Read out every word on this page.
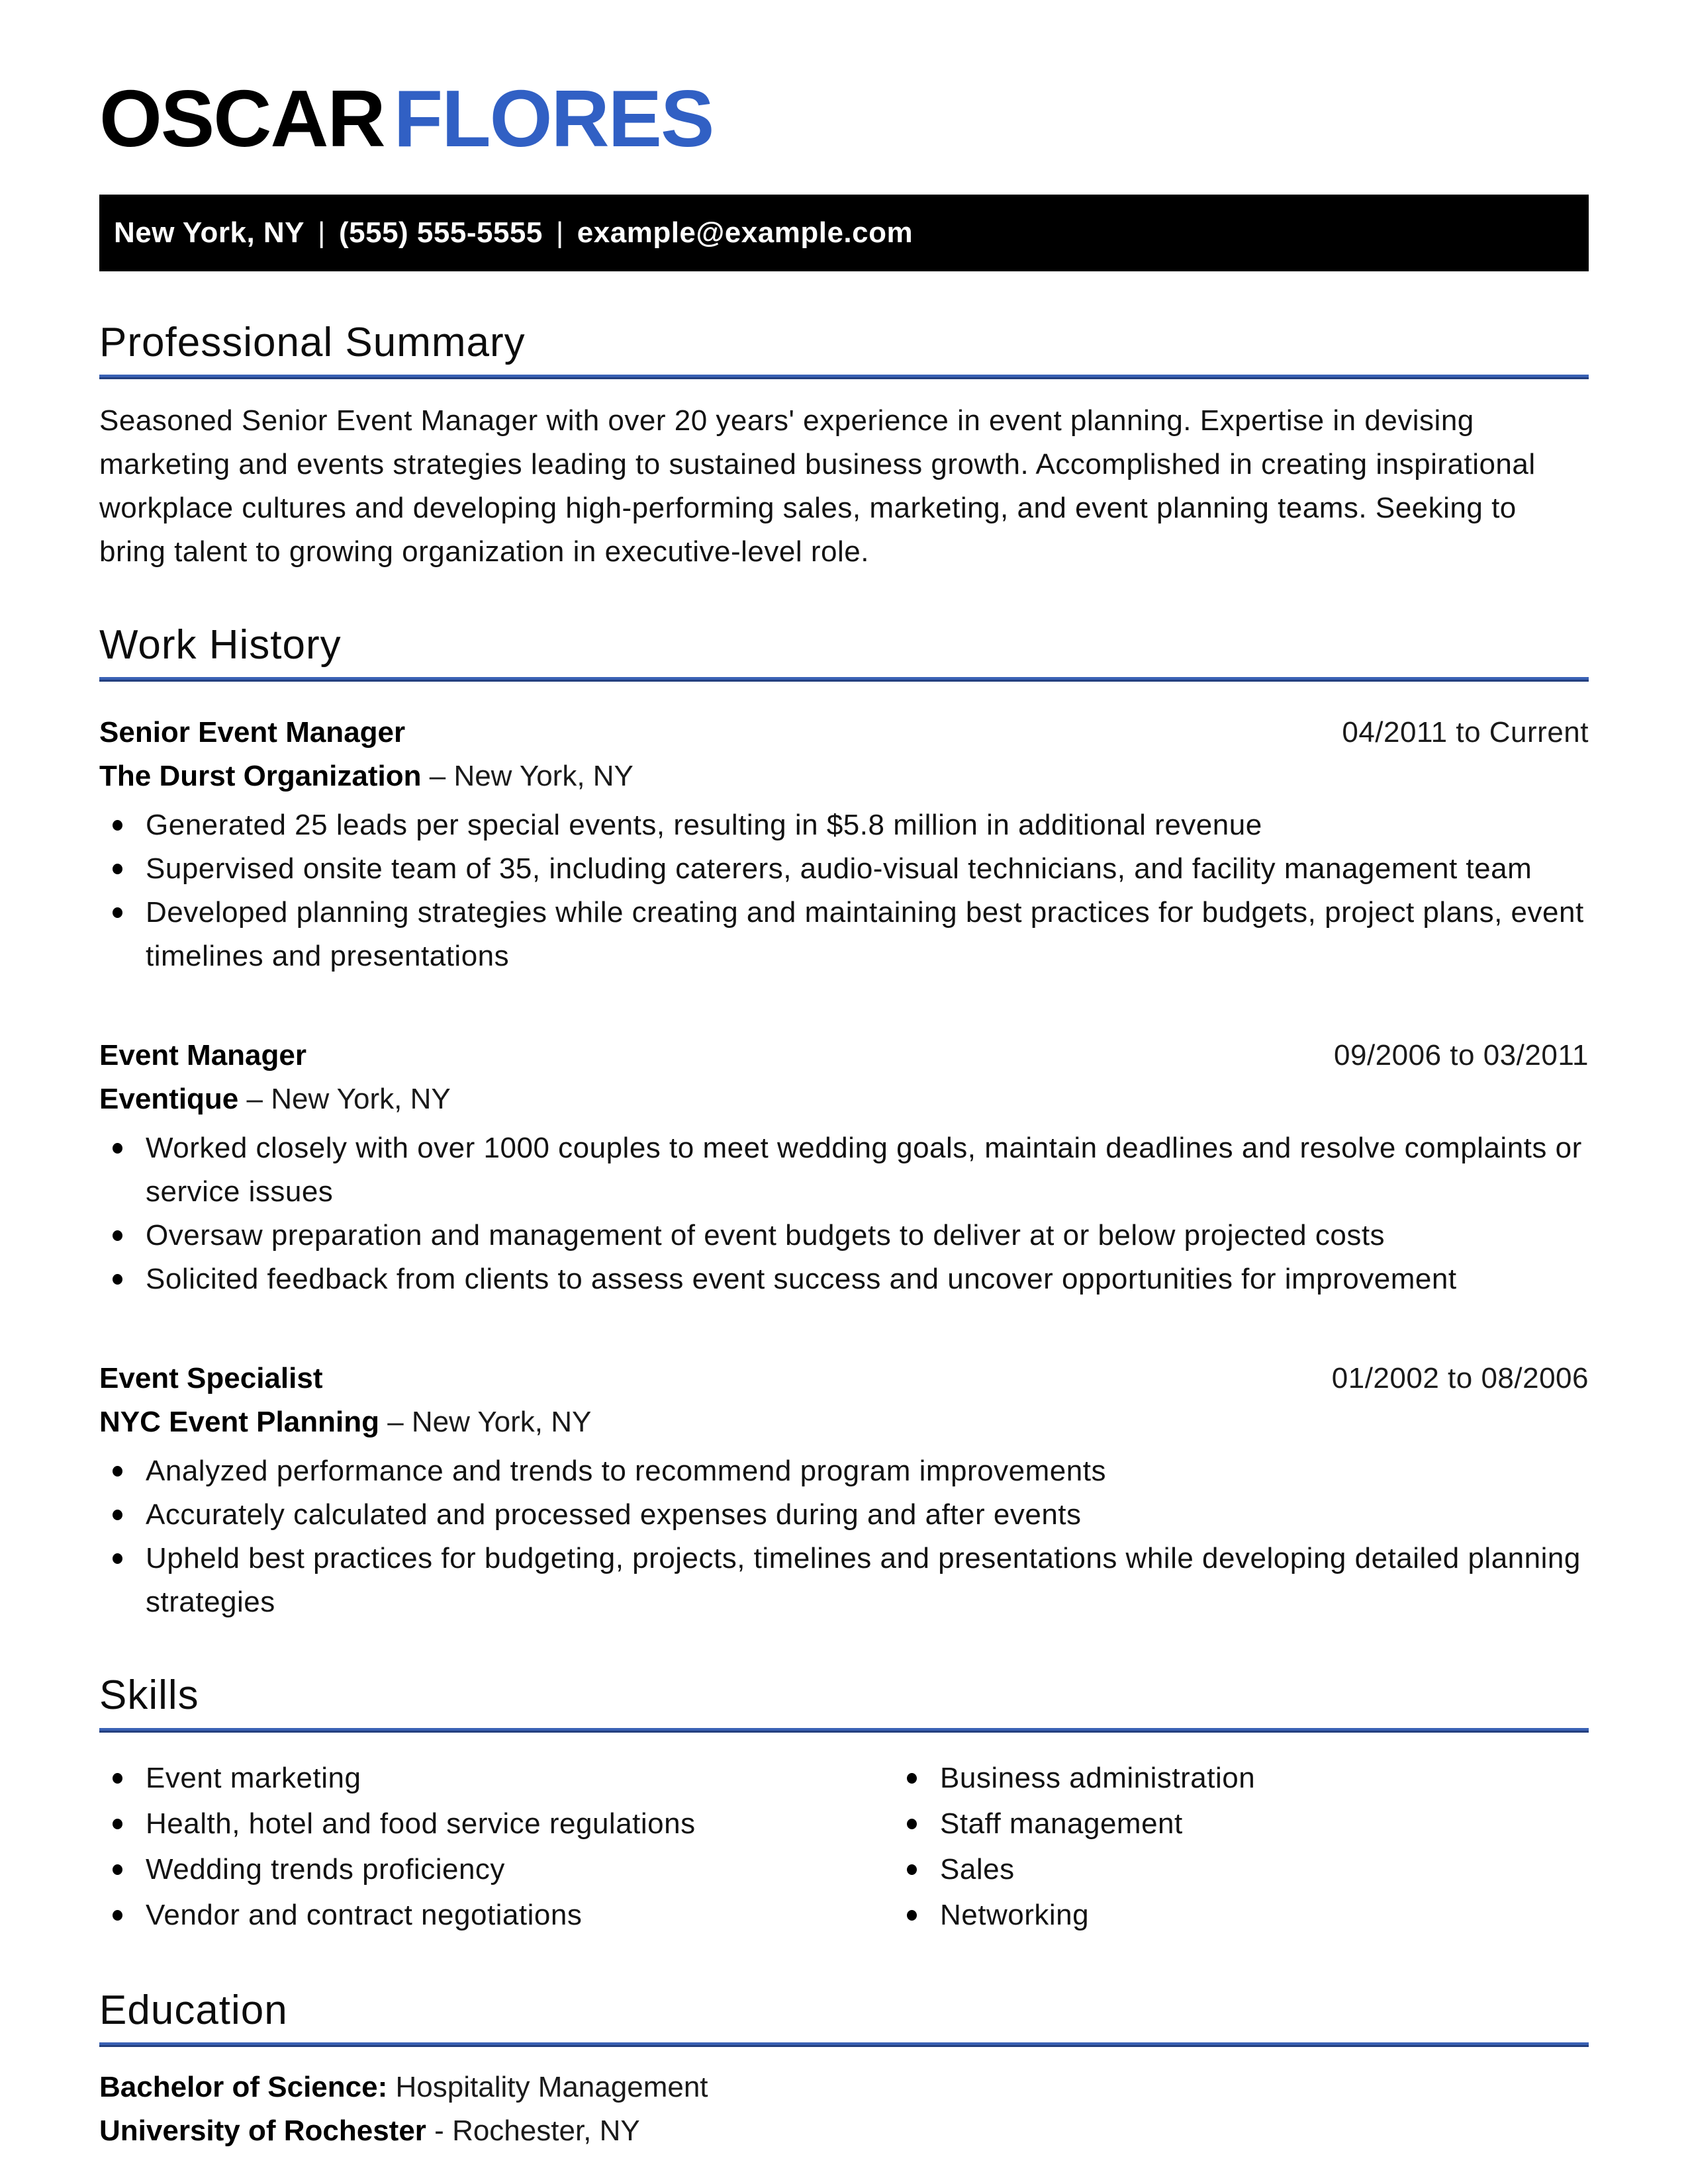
OSCAR FLORES
New York, NY | (555) 555-5555 | example@example.com
Professional Summary

Seasoned Senior Event Manager with over 20 years' experience in event planning. Expertise in devising marketing and events strategies leading to sustained business growth. Accomplished in creating inspirational workplace cultures and developing high-performing sales, marketing, and event planning teams. Seeking to bring talent to growing organization in executive-level role.

Work History
Senior Event Manager	04/2011 to Current
The Durst Organization – New York, NY
Generated 25 leads per special events, resulting in $5.8 million in additional revenue
Supervised onsite team of 35, including caterers, audio-visual technicians, and facility management team
Developed planning strategies while creating and maintaining best practices for budgets, project plans, event timelines and presentations
Event Manager	09/2006 to 03/2011
Eventique – New York, NY
Worked closely with over 1000 couples to meet wedding goals, maintain deadlines and resolve complaints or service issues
Oversaw preparation and management of event budgets to deliver at or below projected costs
Solicited feedback from clients to assess event success and uncover opportunities for improvement
Event Specialist	01/2002 to 08/2006
NYC Event Planning – New York, NY
Analyzed performance and trends to recommend program improvements
Accurately calculated and processed expenses during and after events
Upheld best practices for budgeting, projects, timelines and presentations while developing detailed planning strategies
Skills
Event marketing
Health, hotel and food service regulations
Wedding trends proficiency
Vendor and contract negotiations
Business administration
Staff management
Sales
Networking
Education
Bachelor of Science: Hospitality Management
University of Rochester - Rochester, NY
